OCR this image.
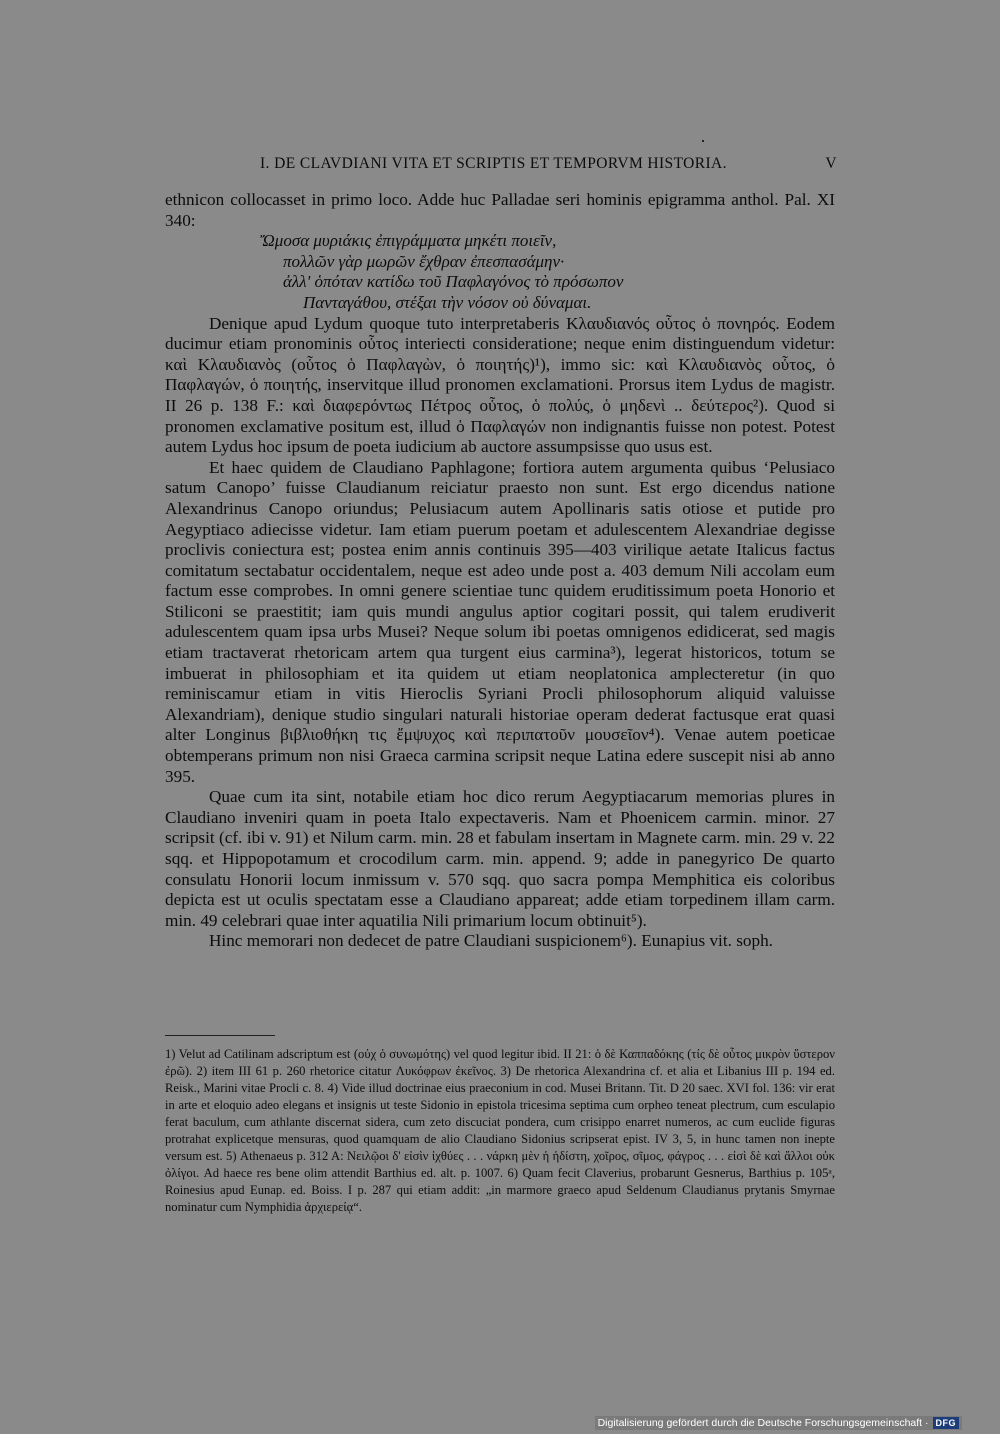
I. DE CLAVDIANI VITA ET SCRIPTIS ET TEMPORVM HISTORIA.	V

ethnicon collocasset in primo loco. Adde huc Palladae seri hominis epigramma anthol. Pal. XI 340:

Ὤμοσα μυριάκις ἐπιγράμματα μηκέτι ποιεῖν,
πολλῶν γὰρ μωρῶν ἔχθραν ἐπεσπασάμην·
ἀλλ' ὁπόταν κατίδω τοῦ Παφλαγόνος τὸ πρόσωπον
Πανταγάθου, στέξαι τὴν νόσον οὐ δύναμαι.

Denique apud Lydum quoque tuto interpretaberis Κλαυδιανός οὗτος ὁ πονηρός. Eodem ducimur etiam pronominis οὗτος interiecti consideratione; neque enim distinguendum videtur: καὶ Κλαυδιανὸς (οὗτος ὁ Παφλαγὼν, ὁ ποιητής)¹), immo sic: καὶ Κλαυδιανὸς οὗτος, ὁ Παφλαγών, ὁ ποιητής, inservitque illud pronomen exclamationi. Prorsus item Lydus de magistr. II 26 p. 138 F.: καὶ διαφερόντως Πέτρος οὗτος, ὁ πολύς, ὁ μηδενὶ .. δεύτερος²). Quod si pronomen exclamative positum est, illud ὁ Παφλαγών non indignantis fuisse non potest. Potest autem Lydus hoc ipsum de poeta iudicium ab auctore assumpsisse quo usus est.

Et haec quidem de Claudiano Paphlagone; fortiora autem argumenta quibus ‘Pelusiaco satum Canopo’ fuisse Claudianum reiciatur praesto non sunt. Est ergo dicendus natione Alexandrinus Canopo oriundus; Pelusiacum autem Apollinaris satis otiose et putide pro Aegyptiaco adiecisse videtur. Iam etiam puerum poetam et adulescentem Alexandriae degisse proclivis coniectura est; postea enim annis continuis 395—403 virilique aetate Italicus factus comitatum sectabatur occidentalem, neque est adeo unde post a. 403 demum Nili accolam eum factum esse comprobes. In omni genere scientiae tunc quidem eruditissimum poeta Honorio et Stiliconi se praestitit; iam quis mundi angulus aptior cogitari possit, qui talem erudiverit adulescentem quam ipsa urbs Musei? Neque solum ibi poetas omnigenos edidicerat, sed magis etiam tractaverat rhetoricam artem qua turgent eius carmina³), legerat historicos, totum se imbuerat in philosophiam et ita quidem ut etiam neoplatonica amplecteretur (in quo reminiscamur etiam in vitis Hieroclis Syriani Procli philosophorum aliquid valuisse Alexandriam), denique studio singulari naturali historiae operam dederat factusque erat quasi alter Longinus βιβλιοθήκη τις ἔμψυχος καὶ περιπατοῦν μουσεῖον⁴). Venae autem poeticae obtemperans primum non nisi Graeca carmina scripsit neque Latina edere suscepit nisi ab anno 395.

Quae cum ita sint, notabile etiam hoc dico rerum Aegyptiacarum memorias plures in Claudiano inveniri quam in poeta Italo expectaveris. Nam et Phoenicem carmin. minor. 27 scripsit (cf. ibi v. 91) et Nilum carm. min. 28 et fabulam insertam in Magnete carm. min. 29 v. 22 sqq. et Hippopotamum et crocodilum carm. min. append. 9; adde in panegyrico De quarto consulatu Honorii locum inmissum v. 570 sqq. quo sacra pompa Memphitica eis coloribus depicta est ut oculis spectatam esse a Claudiano appareat; adde etiam torpedinem illam carm. min. 49 celebrari quae inter aquatilia Nili primarium locum obtinuit⁵).

Hinc memorari non dedecet de patre Claudiani suspicionem⁶). Eunapius vit. soph.

1) Velut ad Catilinam adscriptum est (οὐχ ὁ συνωμότης) vel quod legitur ibid. II 21: ὁ δὲ Καππαδόκης (τίς δὲ οὗτος μικρὸν ὕστερον ἐρῶ). 2) item III 61 p. 260 rhetorice citatur Λυκόφρων ἐκεῖνος. 3) De rhetorica Alexandrina cf. et alia et Libanius III p. 194 ed. Reisk., Marini vitae Procli c. 8. 4) Vide illud doctrinae eius praeconium in cod. Musei Britann. Tit. D 20 saec. XVI fol. 136: vir erat in arte et eloquio adeo elegans et insignis ut teste Sidonio in epistola tricesima septima cum orpheo teneat plectrum, cum esculapio ferat baculum, cum athlante discernat sidera, cum zeto discuciat pondera, cum crisippo enarret numeros, ac cum euclide figuras protrahat explicetque mensuras, quod quamquam de alio Claudiano Sidonius scripserat epist. IV 3, 5, in hunc tamen non inepte versum est. 5) Athenaeus p. 312 A: Νειλῷοι δ' εἰσὶν ἰχθύες . . . νάρκη μὲν ἡ ἡδίστη, χοῖρος, σῖμος, φάγρος . . . εἰσὶ δὲ καὶ ἄλλοι οὐκ ὀλίγοι. Ad haece res bene olim attendit Barthius ed. alt. p. 1007. 6) Quam fecit Claverius, probarunt Gesnerus, Barthius p. 105ᵃ, Roinesius apud Eunap. ed. Boiss. I p. 287 qui etiam addit: „in marmore graeco apud Seldenum Claudianus prytanis Smyrnae nominatur cum Nymphidia ἀρχιερείᾳ“.

Digitalisierung gefördert durch die Deutsche Forschungsgemeinschaft · DFG
